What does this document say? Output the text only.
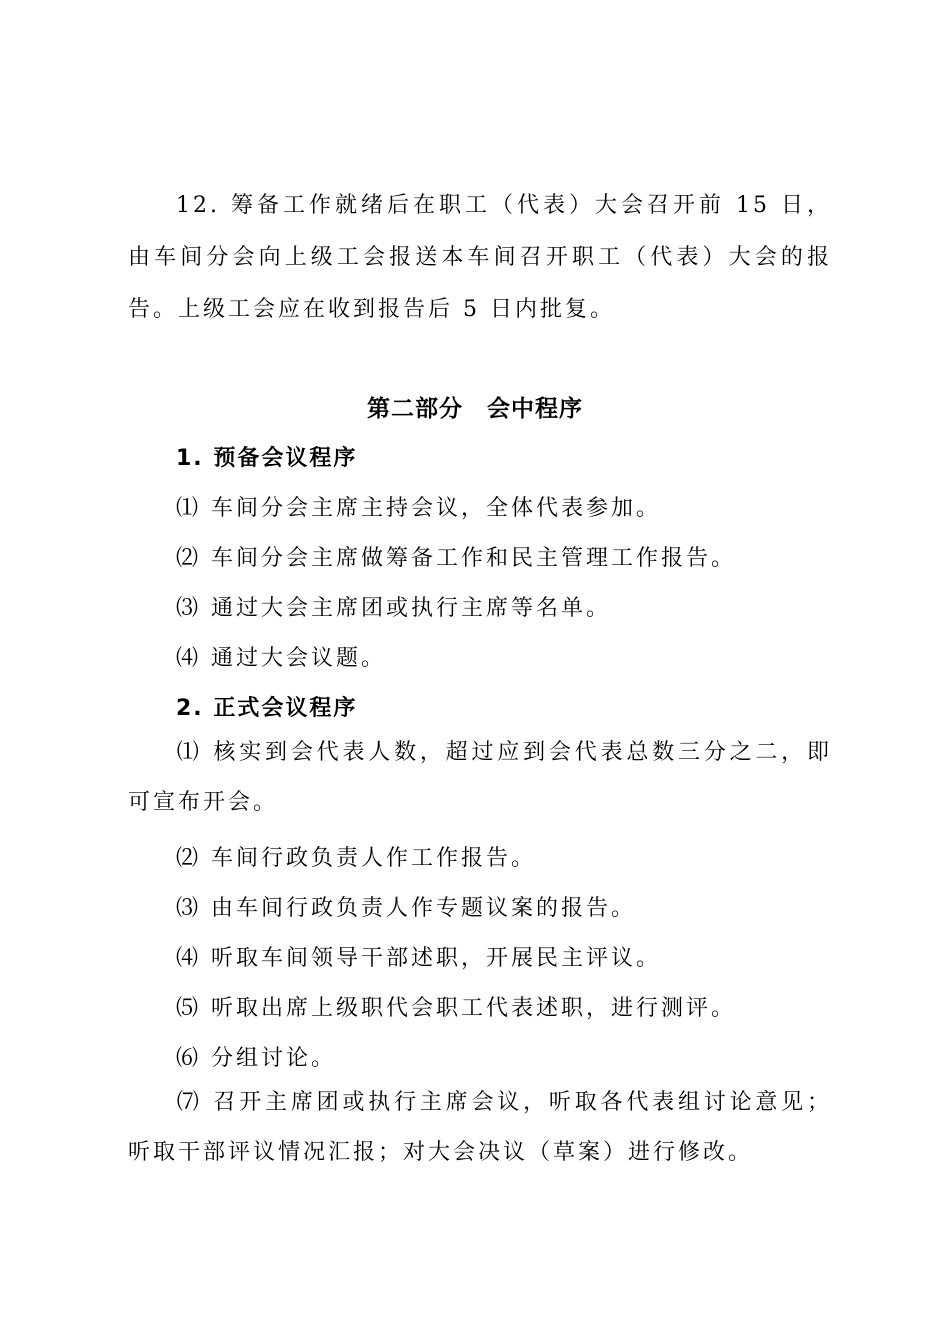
12. 筹备工作就绪后在职工（代表）大会召开前 15 日，由车间分会向上级工会报送本车间召开职工（代表）大会的报告。上级工会应在收到报告后 5 日内批复。
第二部分　会中程序
1. 预备会议程序
⑴ 车间分会主席主持会议，全体代表参加。
⑵ 车间分会主席做筹备工作和民主管理工作报告。
⑶ 通过大会主席团或执行主席等名单。
⑷ 通过大会议题。
2. 正式会议程序
⑴ 核实到会代表人数，超过应到会代表总数三分之二，即可宣布开会。
⑵ 车间行政负责人作工作报告。
⑶ 由车间行政负责人作专题议案的报告。
⑷ 听取车间领导干部述职，开展民主评议。
⑸ 听取出席上级职代会职工代表述职，进行测评。
⑹ 分组讨论。
⑺ 召开主席团或执行主席会议，听取各代表组讨论意见；听取干部评议情况汇报；对大会决议（草案）进行修改。
